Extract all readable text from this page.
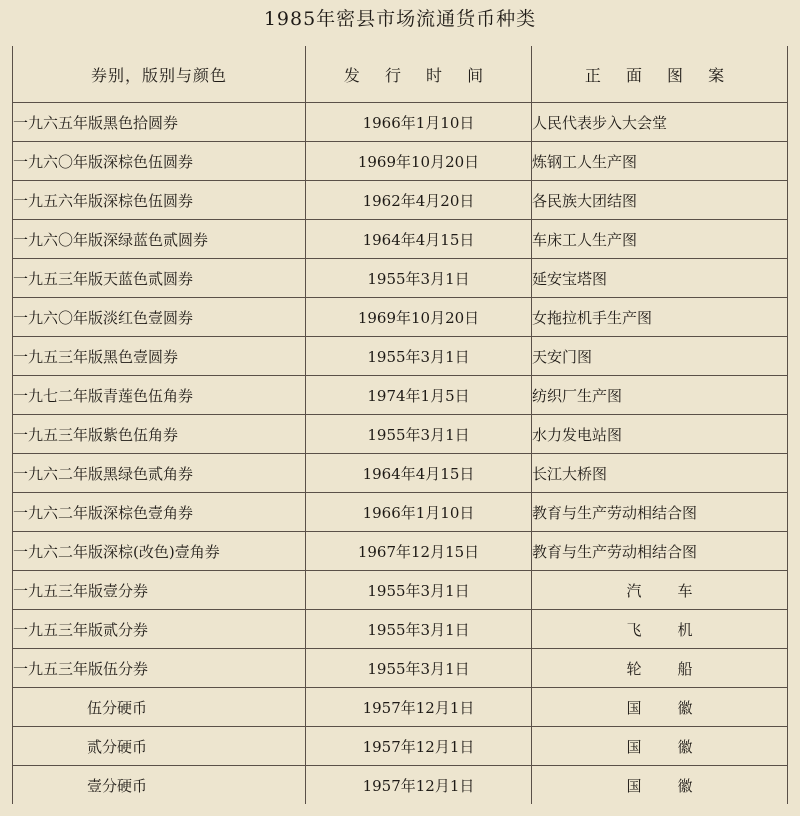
1985年密县市场流通货币种类
券别，版别与颜色	发 行 时 间	正 面 图 案
一九六五年版黑色拾圆券	1966年1月10日	人民代表步入大会堂
一九六〇年版深棕色伍圆券	1969年10月20日	炼钢工人生产图
一九五六年版深棕色伍圆券	1962年4月20日	各民族大团结图
一九六〇年版深绿蓝色贰圆券	1964年4月15日	车床工人生产图
一九五三年版天蓝色贰圆券	1955年3月1日	延安宝塔图
一九六〇年版淡红色壹圆券	1969年10月20日	女拖拉机手生产图
一九五三年版黑色壹圆券	1955年3月1日	天安门图
一九七二年版青莲色伍角券	1974年1月5日	纺织厂生产图
一九五三年版紫色伍角券	1955年3月1日	水力发电站图
一九六二年版黑绿色贰角券	1964年4月15日	长江大桥图
一九六二年版深棕色壹角券	1966年1月10日	教育与生产劳动相结合图
一九六二年版深棕(改色)壹角券	1967年12月15日	教育与生产劳动相结合图
一九五三年版壹分券	1955年3月1日	汽车
一九五三年版贰分券	1955年3月1日	飞机
一九五三年版伍分券	1955年3月1日	轮船
伍分硬币	1957年12月1日	国徽
贰分硬币	1957年12月1日	国徽
壹分硬币	1957年12月1日	国徽
